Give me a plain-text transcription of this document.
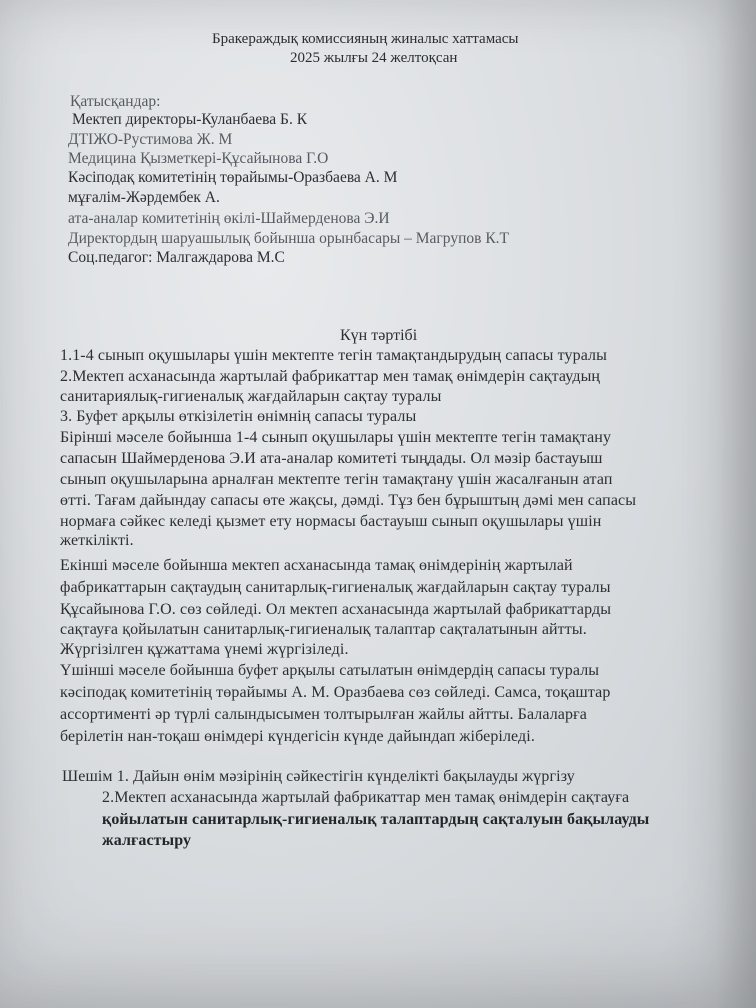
Бракераждық комиссияның жиналыс хаттамасы
2025 жылғы 24 желтоқсан
Қатысқандар:
Мектеп директоры-Куланбаева Б. К
ДТІЖО-Рустимова Ж. М
Медицина Қызметкері-Құсайынова Г.О
Кәсіподақ комитетінің төрайымы-Оразбаева А. М
мұғалім-Жәрдембек А.
ата-аналар комитетінің өкілі-Шаймерденова Э.И
Директордың шаруашылық бойынша орынбасары – Магрупов К.Т
Соц.педагог: Малгаждарова М.С
Күн тәртібі
1.1-4 сынып оқушылары үшін мектепте тегін тамақтандырудың сапасы туралы
2.Мектеп асханасында жартылай фабрикаттар мен тамақ өнімдерін сақтаудың
санитариялық-гигиеналық жағдайларын сақтау туралы
3. Буфет арқылы өткізілетін өнімнің сапасы туралы
Бірінші мәселе бойынша 1-4 сынып оқушылары үшін мектепте тегін тамақтану
сапасын Шаймерденова Э.И ата-аналар комитеті тыңдады. Ол мәзір бастауыш
сынып оқушыларына арналған мектепте тегін тамақтану үшін жасалғанын атап
өтті. Тағам дайындау сапасы өте жақсы, дәмді. Тұз бен бұрыштың дәмі мен сапасы
нормаға сәйкес келеді қызмет ету нормасы бастауыш сынып оқушылары үшін
жеткілікті.
Екінші мәселе бойынша мектеп асханасында тамақ өнімдерінің жартылай
фабрикаттарын сақтаудың санитарлық-гигиеналық жағдайларын сақтау туралы
Құсайынова Г.О. сөз сөйледі. Ол мектеп асханасында жартылай фабрикаттарды
сақтауға қойылатын санитарлық-гигиеналық талаптар сақталатынын айтты.
Жүргізілген құжаттама үнемі жүргізіледі.
Үшінші мәселе бойынша буфет арқылы сатылатын өнімдердің сапасы туралы
кәсіподақ комитетінің төрайымы А. М. Оразбаева сөз сөйледі. Самса, тоқаштар
ассортименті әр түрлі салындысымен толтырылған жайлы айтты. Балаларға
берілетін нан-тоқаш өнімдері күндегісін күнде дайындап жіберіледі.
Шешім 1. Дайын өнім мәзірінің сәйкестігін күнделікті бақылауды жүргізу
2.Мектеп асханасында жартылай фабрикаттар мен тамақ өнімдерін сақтауға
қойылатын санитарлық-гигиеналық талаптардың сақталуын бақылауды
жалғастыру
